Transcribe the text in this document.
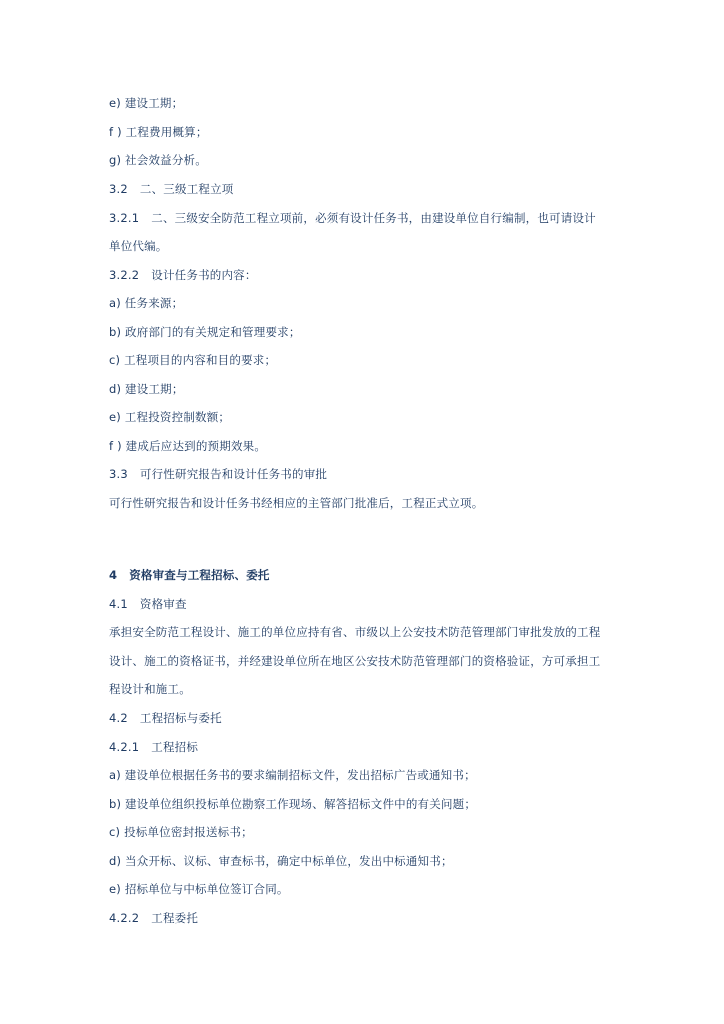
e) 建设工期；
f ) 工程费用概算；
g) 社会效益分析。
3.2 二、三级工程立项
3.2.1 二、三级安全防范工程立项前，必须有设计任务书，由建设单位自行编制，也可请设计
单位代编。
3.2.2 设计任务书的内容：
a) 任务来源；
b) 政府部门的有关规定和管理要求；
c) 工程项目的内容和目的要求；
d) 建设工期；
e) 工程投资控制数额；
f ) 建成后应达到的预期效果。
3.3 可行性研究报告和设计任务书的审批
可行性研究报告和设计任务书经相应的主管部门批准后，工程正式立项。
4 资格审查与工程招标、委托
4.1 资格审查
承担安全防范工程设计、施工的单位应持有省、市级以上公安技术防范管理部门审批发放的工程
设计、施工的资格证书，并经建设单位所在地区公安技术防范管理部门的资格验证，方可承担工
程设计和施工。
4.2 工程招标与委托
4.2.1 工程招标
a) 建设单位根据任务书的要求编制招标文件，发出招标广告或通知书；
b) 建设单位组织投标单位勘察工作现场、解答招标文件中的有关问题；
c) 投标单位密封报送标书；
d) 当众开标、议标、审查标书，确定中标单位，发出中标通知书；
e) 招标单位与中标单位签订合同。
4.2.2 工程委托
